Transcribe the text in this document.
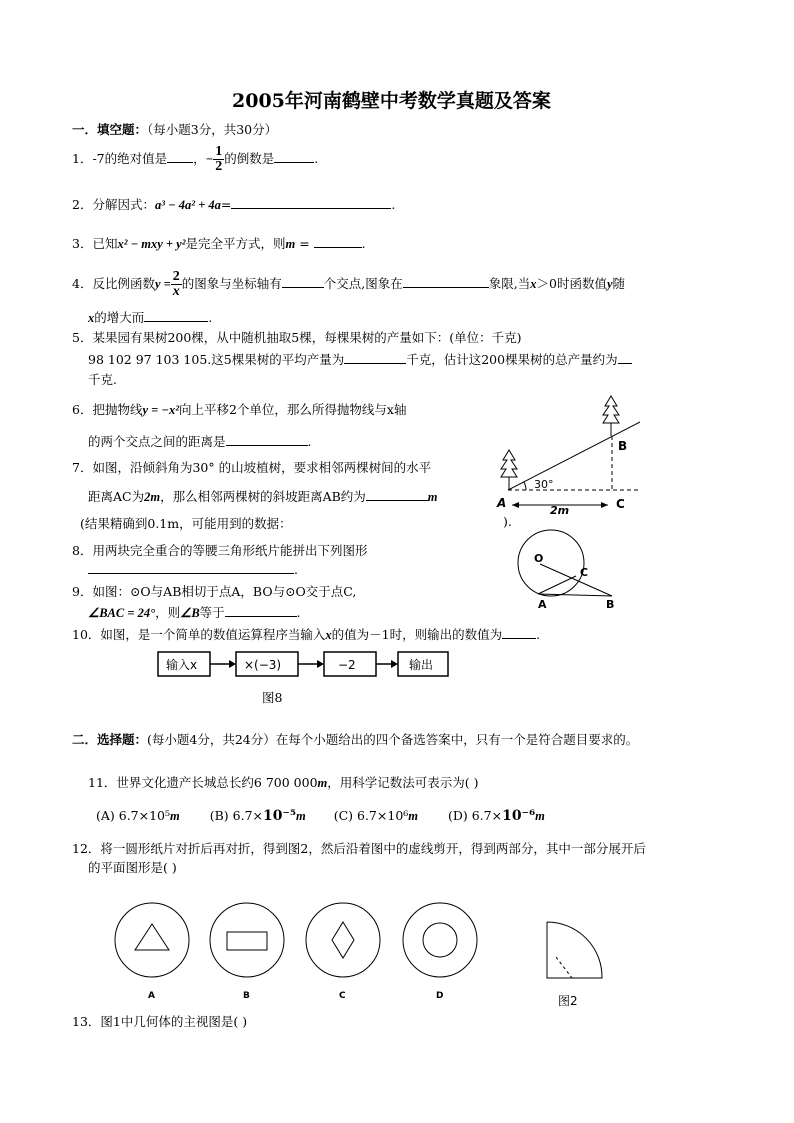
2005年河南鹤壁中考数学真题及答案
一．填空题：（每小题3分，共30分）
1．-7的绝对值是 ，− $\frac{1}{2}$ 的倒数是	.
2．分解因式：a³ − 4a² + 4a=	.
3．已知x² − mxy + y²是完全平方式，则m =	.
4．反比例函数$y = \frac{2}{x}$ 的图象与坐标轴有	个交点,图象在	象限,当x＞0时函数值y随
x的增大而	.
5．某果园有果树200棵，从中随机抽取5棵，每棵果树的产量如下：(单位：千克)
98 102 97 103 105.这5棵果树的平均产量为	千克，估计这200棵果树的总产量约为
千克.
6．把抛物线y = −x²向上平移2个单位，那么所得抛物线与x轴
的两个交点之间的距离是	.
7．如图，沿倾斜角为30° 的山坡植树，要求相邻两棵树间的水平
距离AC为2m，那么相邻两棵树的斜坡距离AB约为	m
(结果精确到0.1m，可能用到的数据：	).
A
B
C
30°
2m
8．用两块完全重合的等腰三角形纸片能拼出下列图形
.
O
C
A	B
9．如图：⊙O与AB相切于点A，BO与⊙O交于点C,
∠BAC = 24°，则∠B等于	.
10．如图，是一个简单的数值运算程序当输入x的值为－1时，则输出的数值为	.
输入x	×(−3)	−2	输出
图8
二．选择题：(每小题4分，共24分）在每个小题给出的四个备选答案中，只有一个是符合题目要求的。
11．世界文化遗产长城总长约6 700 000m，用科学记数法可表示为( )
(A) 6.7×10⁵m (B) 6.7×10⁻⁵m (C) 6.7×10⁶m (D) 6.7×10⁻⁶m
12．将一圆形纸片对折后再对折，得到图2，然后沿着图中的虚线剪开，得到两部分，其中一部分展开后
的平面图形是( )
A	B	C	D	图2
13．图1中几何体的主视图是( )
